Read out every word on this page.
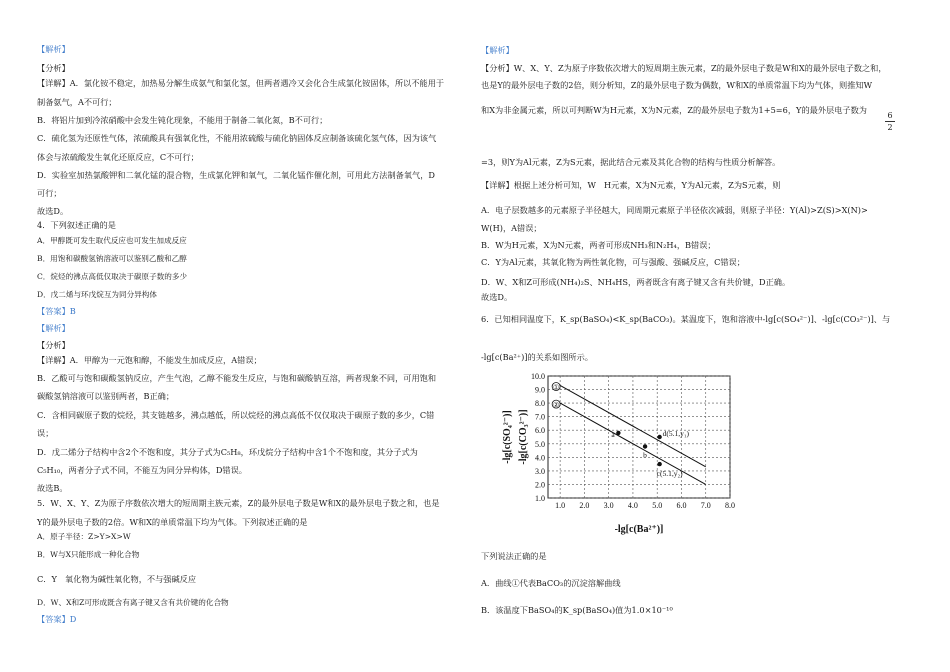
【解析】
【分析】
【详解】A．氯化铵不稳定，加热易分解生成氨气和氯化氢，但两者遇冷又会化合生成氯化铵固体，所以不能用于
制备氨气，A不可行；
B．将铝片加到冷浓硝酸中会发生钝化现象，不能用于制备二氧化氮，B不可行；
C．硫化氢为还原性气体，浓硫酸具有强氧化性，不能用浓硫酸与硫化钠固体反应制备该硫化氢气体，因为该气
体会与浓硫酸发生氧化还原反应，C不可行；
D．实验室加热氯酸钾和二氧化锰的混合物，生成氯化钾和氧气，二氧化锰作催化剂，可用此方法制备氧气，D
可行；
故选D。
4．下列叙述正确的是
A．甲醇既可发生取代反应也可发生加成反应
B．用饱和碳酸氢钠溶液可以鉴别乙酸和乙醇
C．烷烃的沸点高低仅取决于碳原子数的多少
D．戊二烯与环戊烷互为同分异构体
【答案】B
【解析】
【分析】
【详解】A．甲醇为一元饱和醇，不能发生加成反应，A错误；
B．乙酸可与饱和碳酸氢钠反应，产生气泡，乙醇不能发生反应，与饱和碳酸钠互溶，两者现象不同，可用饱和
碳酸氢钠溶液可以鉴别两者，B正确；
C．含相同碳原子数的烷烃，其支链越多，沸点越低，所以烷烃的沸点高低不仅仅取决于碳原子数的多少，C错
误；
D．戊二烯分子结构中含2个不饱和度，其分子式为C₅H₈，环戊烷分子结构中含1个不饱和度，其分子式为
C₅H₁₀，两者分子式不同，不能互为同分异构体，D错误。
故选B。
5．W、X、Y、Z为原子序数依次增大的短周期主族元素，Z的最外层电子数是W和X的最外层电子数之和，也是
Y的最外层电子数的2倍。W和X的单质常温下均为气体。下列叙述正确的是
A．原子半径：Z>Y>X>W
B．W与X只能形成一种化合物
C．Y　氧化物为碱性氧化物，不与强碱反应
D．W、X和Z可形成既含有离子键又含有共价键的化合物
【答案】D
【解析】
【分析】W、X、Y、Z为原子序数依次增大的短周期主族元素，Z的最外层电子数是W和X的最外层电子数之和，
也是Y的最外层电子数的2倍，则分析知，Z的最外层电子数为偶数，W和X的单质常温下均为气体，则推知W
和X为非金属元素，所以可判断W为H元素，X为N元素，Z的最外层电子数为1+5=6，Y的最外层电子数为
=3，则Y为Al元素，Z为S元素，据此结合元素及其化合物的结构与性质分析解答。
【详解】根据上述分析可知，W　H元素，X为N元素，Y为Al元素，Z为S元素，则
A．电子层数越多的元素原子半径越大，同周期元素原子半径依次减弱，则原子半径：Y(Al)>Z(S)>X(N)>
W(H)，A错误；
B．W为H元素，X为N元素，两者可形成NH₃和N₂H₄，B错误；
C．Y为Al元素，其氧化物为两性氧化物，可与强酸、强碱反应，C错误；
D．W、X和Z可形成(NH₄)₂S、NH₄HS，两者既含有离子键又含有共价键，D正确。
故选D。
6．已知相同温度下，K_sp(BaSO₄)<K_sp(BaCO₃)。某温度下，饱和溶液中-lg[c(SO₄²⁻)]、-lg[c(CO₃²⁻)]、与
-lg[c(Ba²⁺)]的关系如图所示。
下列说法正确的是
A．曲线①代表BaCO₃的沉淀溶解曲线
B．该温度下BaSO₄的K_sp(BaSO₄)值为1.0×10⁻¹⁰
6
2
1.0 2.0 3.0 4.0 5.0 6.0 7.0 8.0
1.0
2.0
3.0
4.0
5.0
6.0
7.0
8.0
9.0
10.0
①
②
a
b
c(5.1,y₂)
d(5.1,y₁)
-lg[c(Ba²⁺)]
-lg[c(SO₄²⁻)] -lg[c(CO₃²⁻)]
